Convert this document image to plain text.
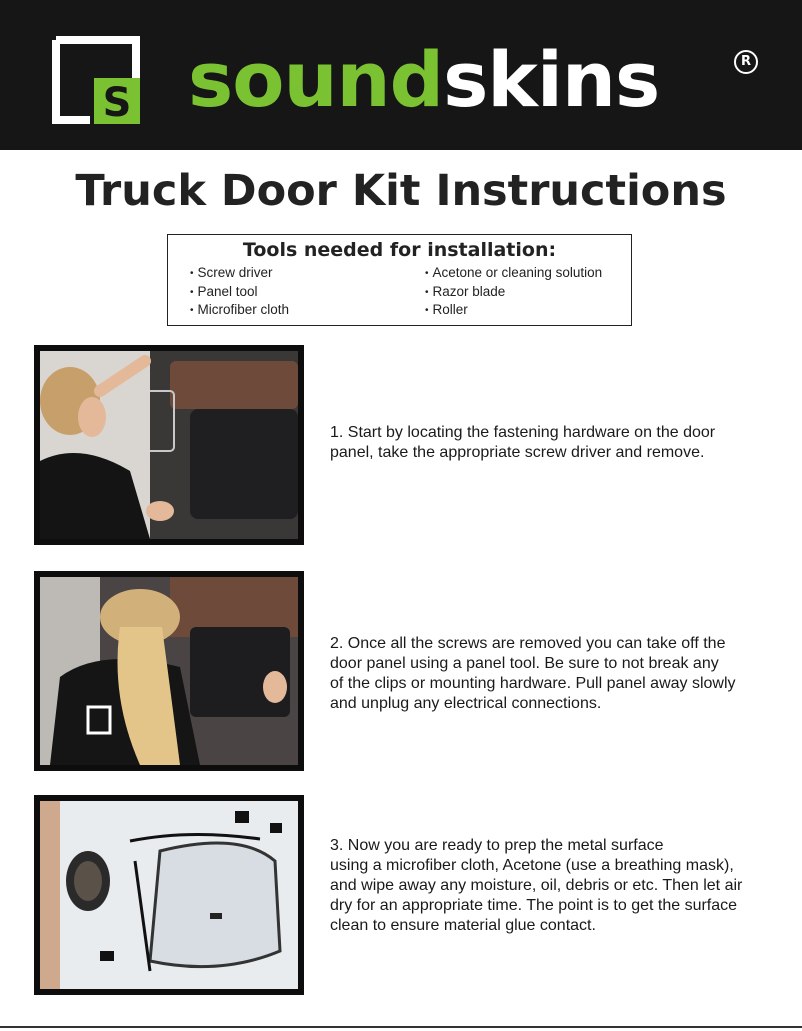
S soundskins	R
Truck Door Kit Instructions
Tools needed for installation:
• Screw driver
• Panel tool
• Microfiber cloth
• Acetone or cleaning solution
• Razor blade
• Roller

1. Start by locating the fastening hardware on the door
panel, take the appropriate screw driver and remove.

2. Once all the screws are removed you can take off the
door panel using a panel tool. Be sure to not break any
of the clips or mounting hardware. Pull panel away slowly
and unplug any electrical connections.

3. Now you are ready to prep the metal surface
using a microfiber cloth, Acetone (use a breathing mask),
and wipe away any moisture, oil, debris or etc. Then let air
dry for an appropriate time. The point is to get the surface
clean to ensure material glue contact.
